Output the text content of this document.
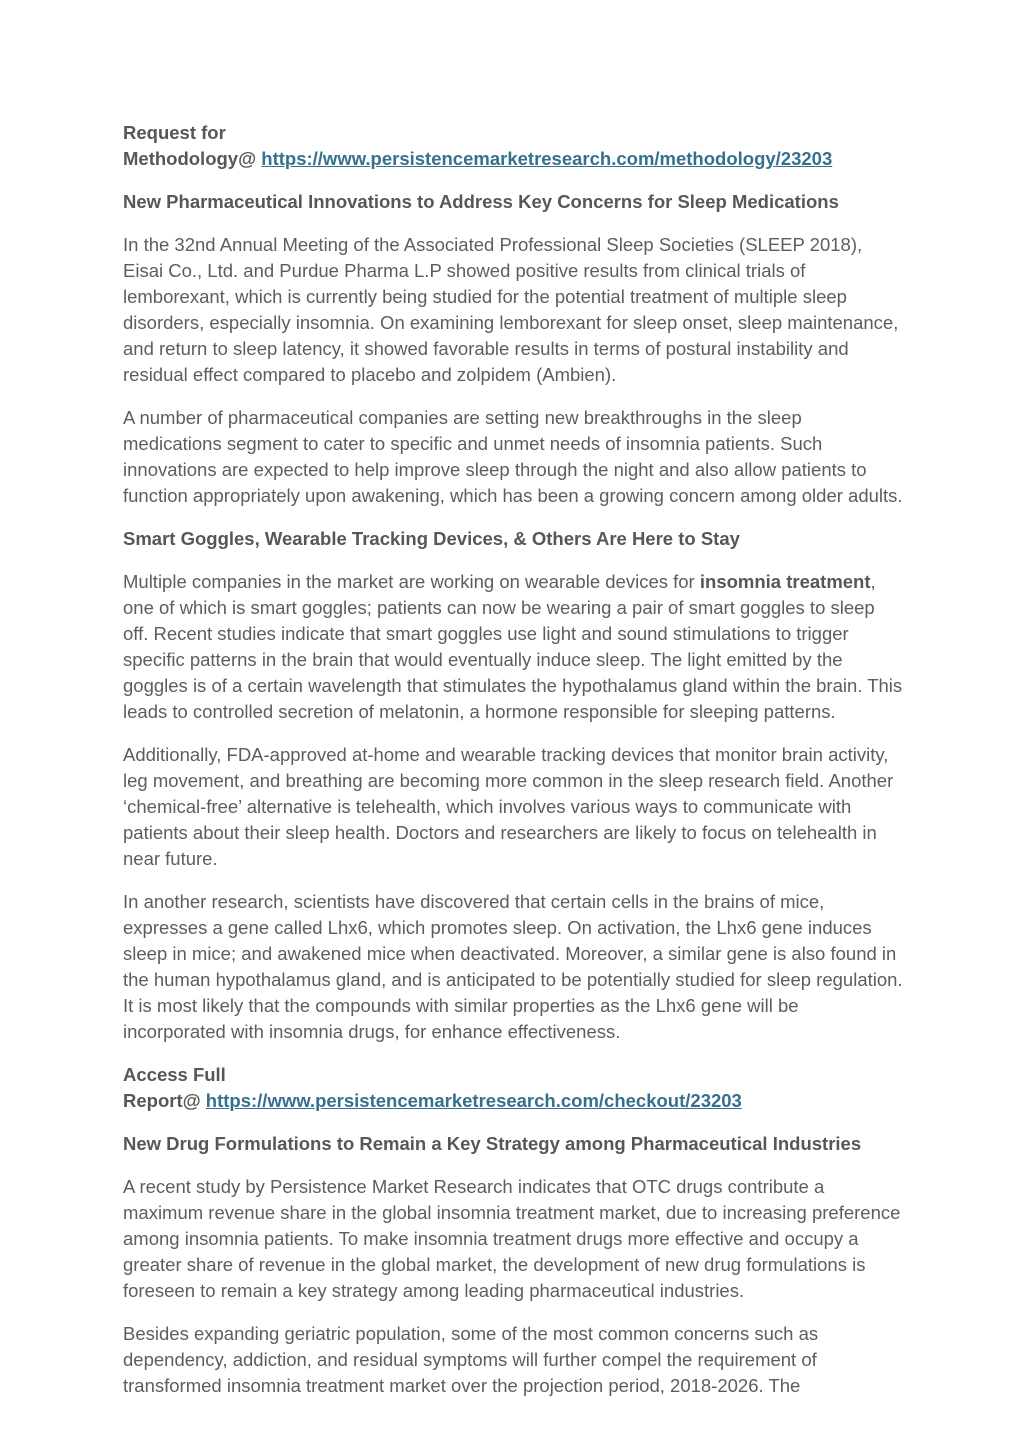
Request for
Methodology@ https://www.persistencemarketresearch.com/methodology/23203

New Pharmaceutical Innovations to Address Key Concerns for Sleep Medications

In the 32nd Annual Meeting of the Associated Professional Sleep Societies (SLEEP 2018), Eisai Co., Ltd. and Purdue Pharma L.P showed positive results from clinical trials of lemborexant, which is currently being studied for the potential treatment of multiple sleep disorders, especially insomnia. On examining lemborexant for sleep onset, sleep maintenance, and return to sleep latency, it showed favorable results in terms of postural instability and residual effect compared to placebo and zolpidem (Ambien).

A number of pharmaceutical companies are setting new breakthroughs in the sleep medications segment to cater to specific and unmet needs of insomnia patients. Such innovations are expected to help improve sleep through the night and also allow patients to function appropriately upon awakening, which has been a growing concern among older adults.

Smart Goggles, Wearable Tracking Devices, & Others Are Here to Stay

Multiple companies in the market are working on wearable devices for insomnia treatment, one of which is smart goggles; patients can now be wearing a pair of smart goggles to sleep off. Recent studies indicate that smart goggles use light and sound stimulations to trigger specific patterns in the brain that would eventually induce sleep. The light emitted by the goggles is of a certain wavelength that stimulates the hypothalamus gland within the brain. This leads to controlled secretion of melatonin, a hormone responsible for sleeping patterns.

Additionally, FDA-approved at-home and wearable tracking devices that monitor brain activity, leg movement, and breathing are becoming more common in the sleep research field. Another ‘chemical-free’ alternative is telehealth, which involves various ways to communicate with patients about their sleep health. Doctors and researchers are likely to focus on telehealth in near future.

In another research, scientists have discovered that certain cells in the brains of mice, expresses a gene called Lhx6, which promotes sleep. On activation, the Lhx6 gene induces sleep in mice; and awakened mice when deactivated. Moreover, a similar gene is also found in the human hypothalamus gland, and is anticipated to be potentially studied for sleep regulation. It is most likely that the compounds with similar properties as the Lhx6 gene will be incorporated with insomnia drugs, for enhance effectiveness.

Access Full
Report@ https://www.persistencemarketresearch.com/checkout/23203

New Drug Formulations to Remain a Key Strategy among Pharmaceutical Industries

A recent study by Persistence Market Research indicates that OTC drugs contribute a maximum revenue share in the global insomnia treatment market, due to increasing preference among insomnia patients. To make insomnia treatment drugs more effective and occupy a greater share of revenue in the global market, the development of new drug formulations is foreseen to remain a key strategy among leading pharmaceutical industries.

Besides expanding geriatric population, some of the most common concerns such as dependency, addiction, and residual symptoms will further compel the requirement of transformed insomnia treatment market over the projection period, 2018-2026. The
